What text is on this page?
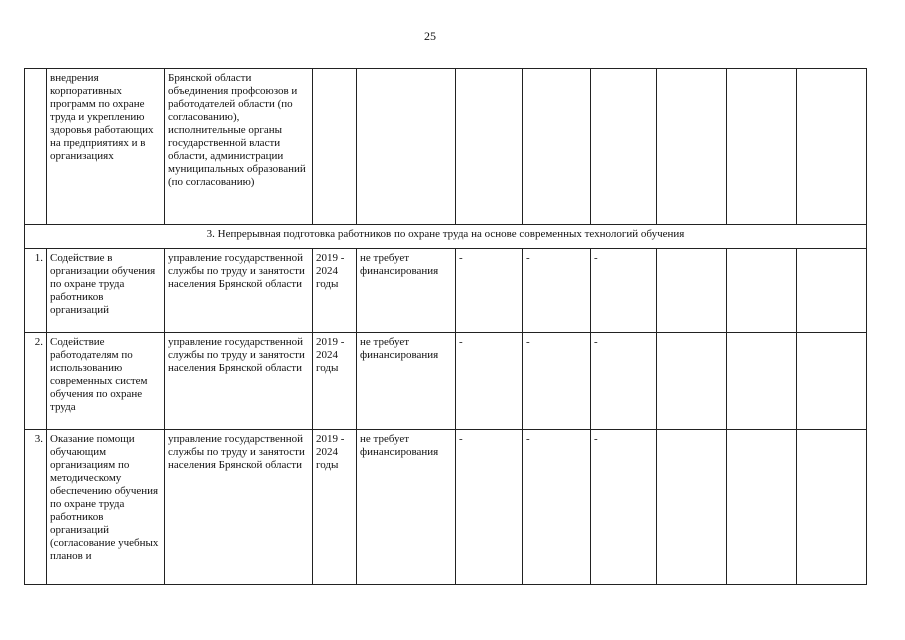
25
	внедрения корпоративных программ по охране труда и укреплению здоровья работающих на предприятиях и в организациях	Брянской области объединения профсоюзов и работодателей области (по согласованию), исполнительные органы государственной власти области, администрации муниципальных образований (по согласованию)								
3. Непрерывная подготовка работников по охране труда на основе современных технологий обучения										
1.	Содействие в организации обучения по охране труда работников организаций	управление государственной службы по труду и занятости населения Брянской области	2019 - 2024 годы	не требует финансирования	-	-	-			
2.	Содействие работодателям по использованию современных систем обучения по охране труда	управление государственной службы по труду и занятости населения Брянской области	2019 - 2024 годы	не требует финансирования	-	-	-			
3.	Оказание помощи обучающим организациям по методическому обеспечению обучения по охране труда работников организаций (согласование учебных планов и	управление государственной службы по труду и занятости населения Брянской области	2019 - 2024 годы	не требует финансирования	-	-	-			
